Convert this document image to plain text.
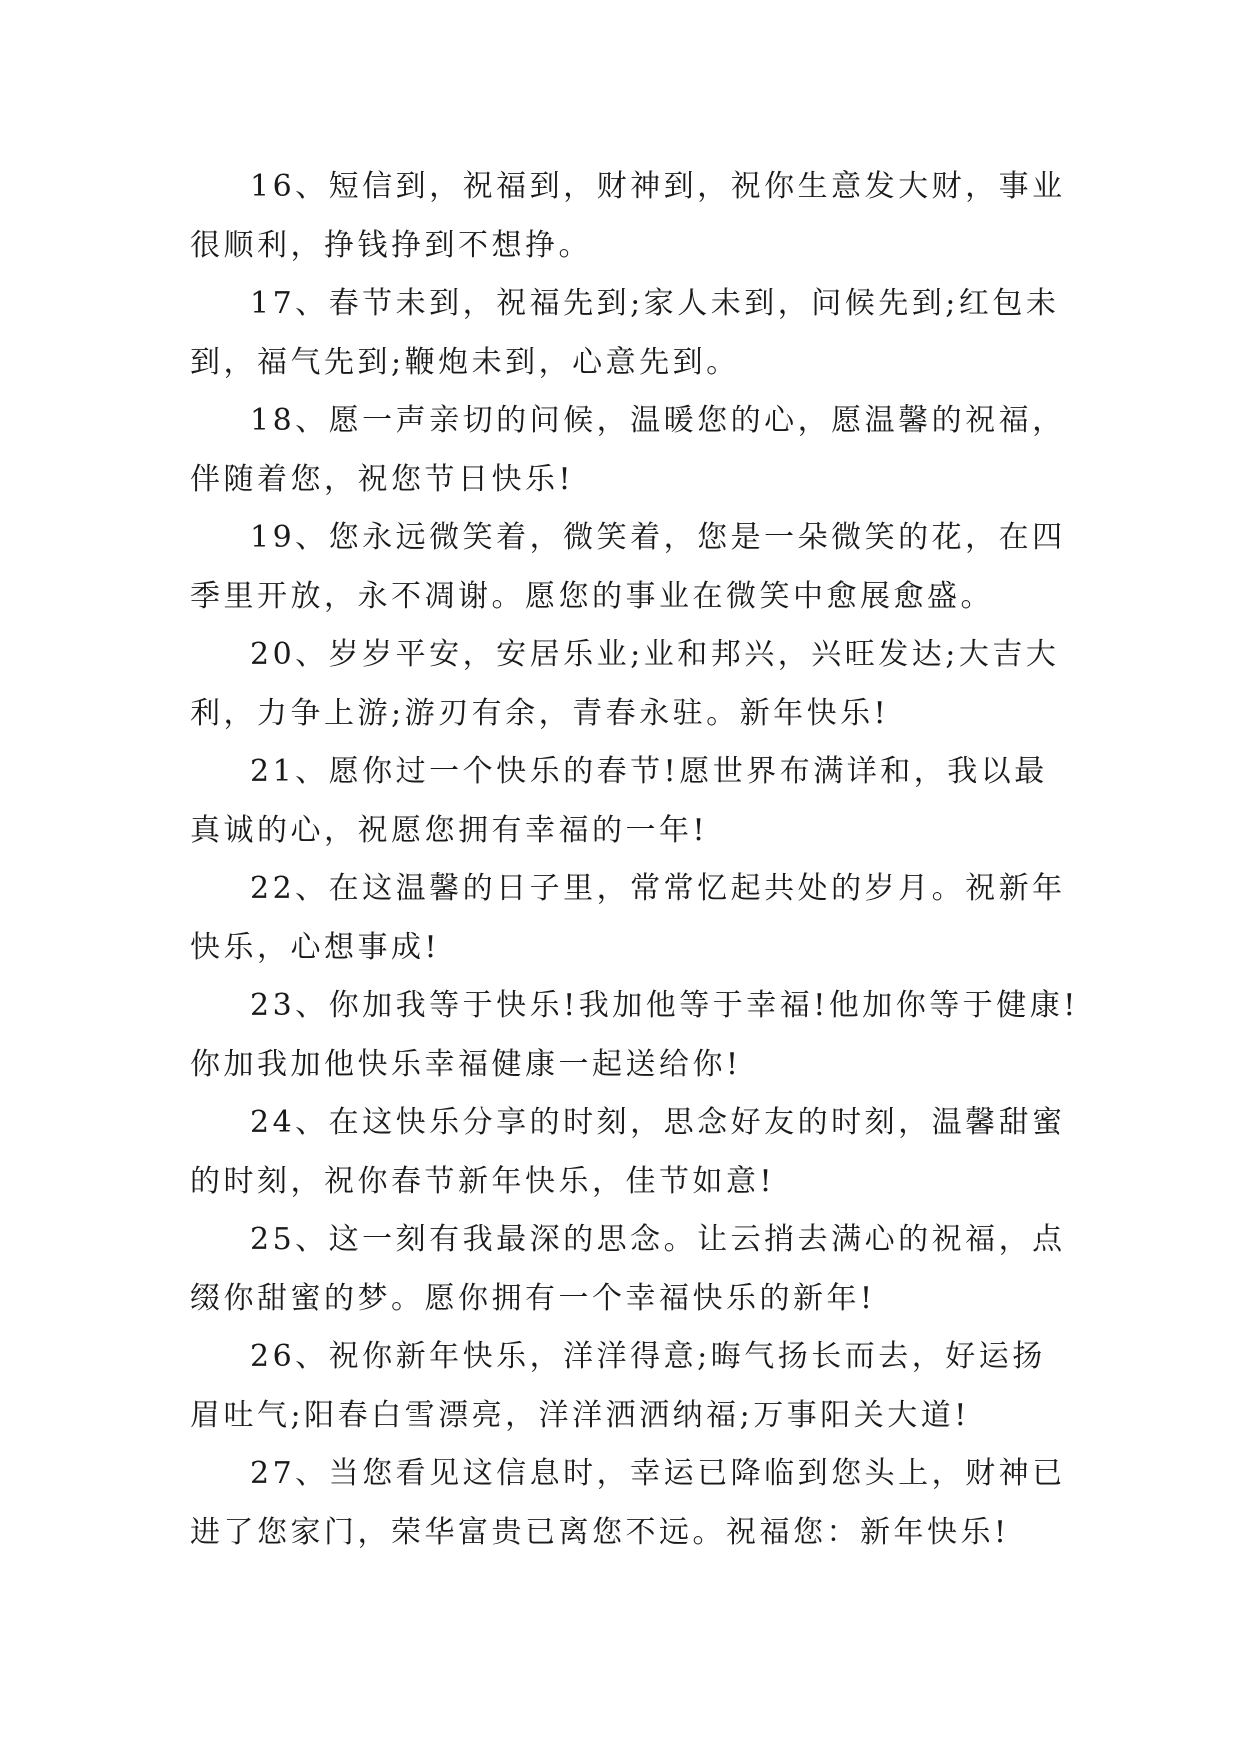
16、短信到，祝福到，财神到，祝你生意发大财，事业
很顺利，挣钱挣到不想挣。

17、春节未到，祝福先到;家人未到，问候先到;红包未
到，福气先到;鞭炮未到，心意先到。

18、愿一声亲切的问候，温暖您的心，愿温馨的祝福，
伴随着您，祝您节日快乐!

19、您永远微笑着，微笑着，您是一朵微笑的花，在四
季里开放，永不凋谢。愿您的事业在微笑中愈展愈盛。

20、岁岁平安，安居乐业;业和邦兴，兴旺发达;大吉大
利，力争上游;游刃有余，青春永驻。新年快乐!

21、愿你过一个快乐的春节!愿世界布满详和，我以最
真诚的心，祝愿您拥有幸福的一年!

22、在这温馨的日子里，常常忆起共处的岁月。祝新年
快乐，心想事成!

23、你加我等于快乐!我加他等于幸福!他加你等于健康!
你加我加他快乐幸福健康一起送给你!

24、在这快乐分享的时刻，思念好友的时刻，温馨甜蜜
的时刻，祝你春节新年快乐，佳节如意!

25、这一刻有我最深的思念。让云捎去满心的祝福，点
缀你甜蜜的梦。愿你拥有一个幸福快乐的新年!

26、祝你新年快乐，洋洋得意;晦气扬长而去，好运扬
眉吐气;阳春白雪漂亮，洋洋洒洒纳福;万事阳关大道!

27、当您看见这信息时，幸运已降临到您头上，财神已
进了您家门，荣华富贵已离您不远。祝福您：新年快乐!
